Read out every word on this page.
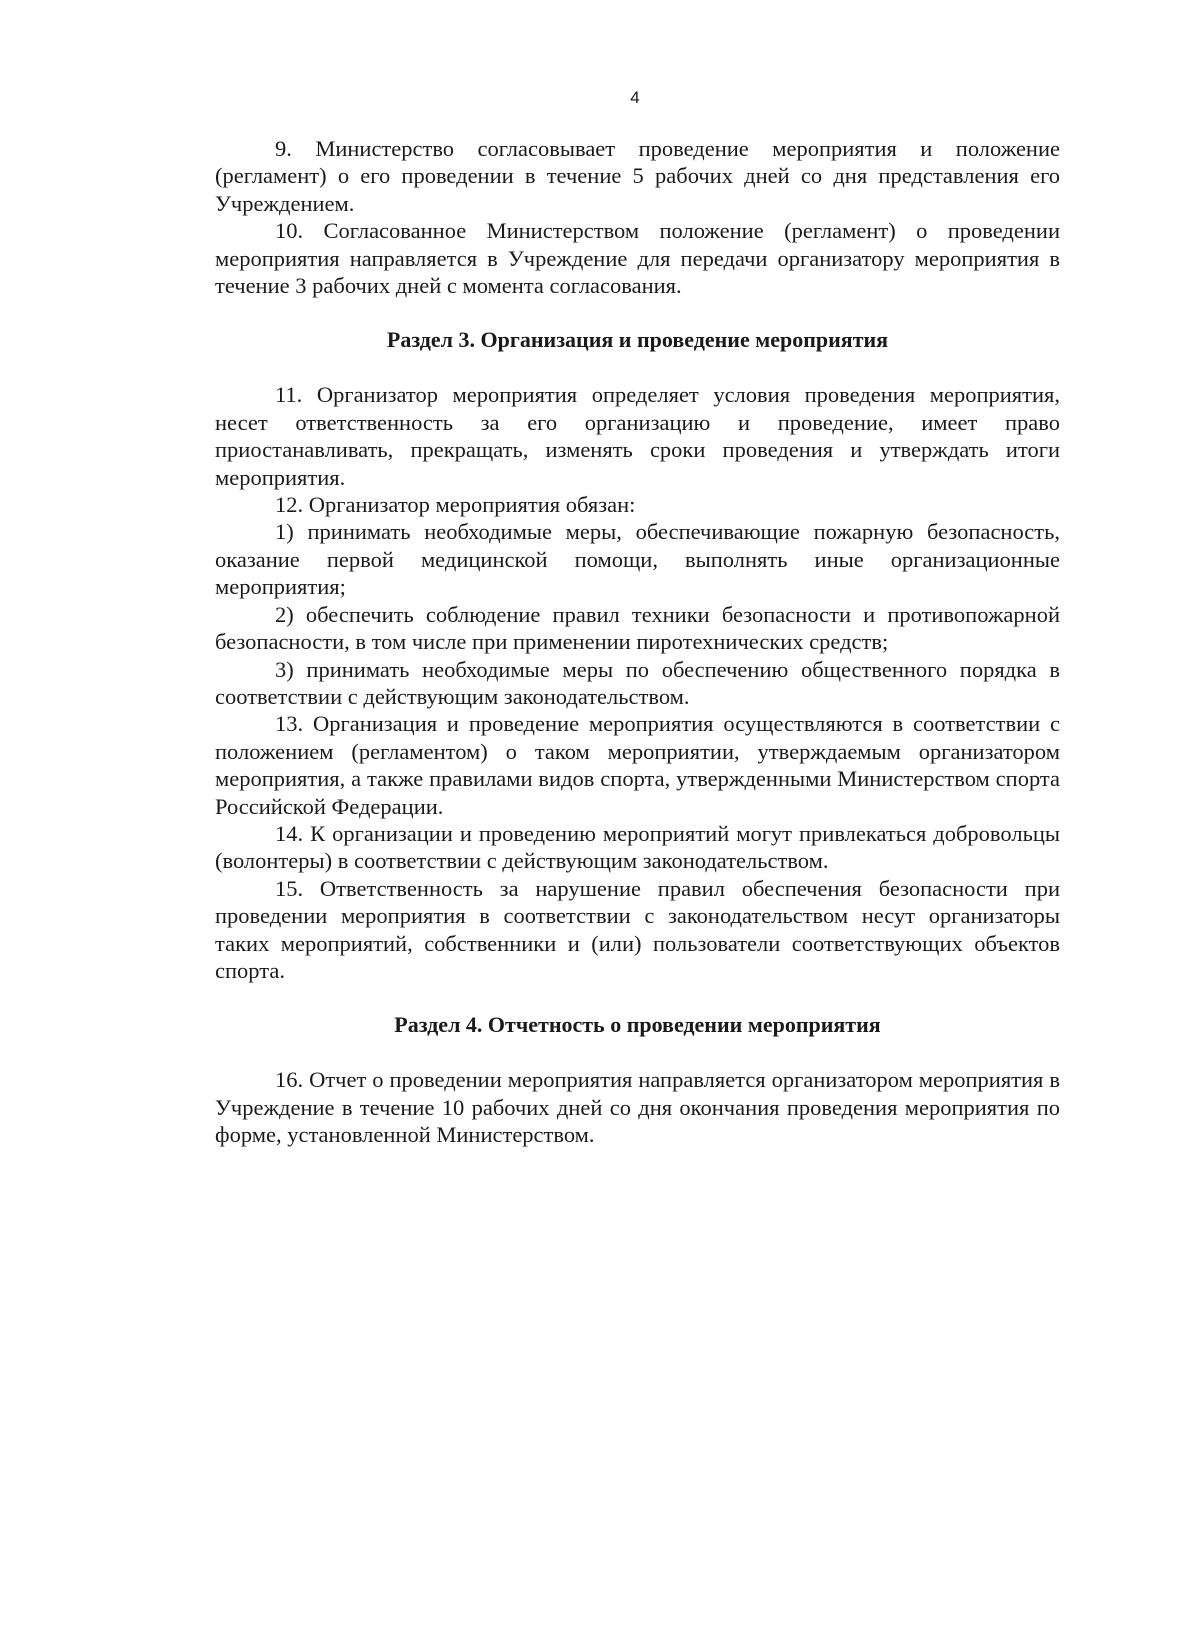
4

9. Министерство согласовывает проведение мероприятия и положение (регламент) о его проведении в течение 5 рабочих дней со дня представления его Учреждением.

10. Согласованное Министерством положение (регламент) о проведении мероприятия направляется в Учреждение для передачи организатору мероприятия в течение 3 рабочих дней с момента согласования.

Раздел 3. Организация и проведение мероприятия

11. Организатор мероприятия определяет условия проведения мероприятия, несет ответственность за его организацию и проведение, имеет право приостанавливать, прекращать, изменять сроки проведения и утверждать итоги мероприятия.

12. Организатор мероприятия обязан:

1) принимать необходимые меры, обеспечивающие пожарную безопасность, оказание первой медицинской помощи, выполнять иные организационные мероприятия;

2) обеспечить соблюдение правил техники безопасности и противопожарной безопасности, в том числе при применении пиротехнических средств;

3) принимать необходимые меры по обеспечению общественного порядка в соответствии с действующим законодательством.

13. Организация и проведение мероприятия осуществляются в соответствии с положением (регламентом) о таком мероприятии, утверждаемым организатором мероприятия, а также правилами видов спорта, утвержденными Министерством спорта Российской Федерации.

14. К организации и проведению мероприятий могут привлекаться добровольцы (волонтеры) в соответствии с действующим законодательством.

15. Ответственность за нарушение правил обеспечения безопасности при проведении мероприятия в соответствии с законодательством несут организаторы таких мероприятий, собственники и (или) пользователи соответствующих объектов спорта.

Раздел 4. Отчетность о проведении мероприятия

16. Отчет о проведении мероприятия направляется организатором мероприятия в Учреждение в течение 10 рабочих дней со дня окончания проведения мероприятия по форме, установленной Министерством.
